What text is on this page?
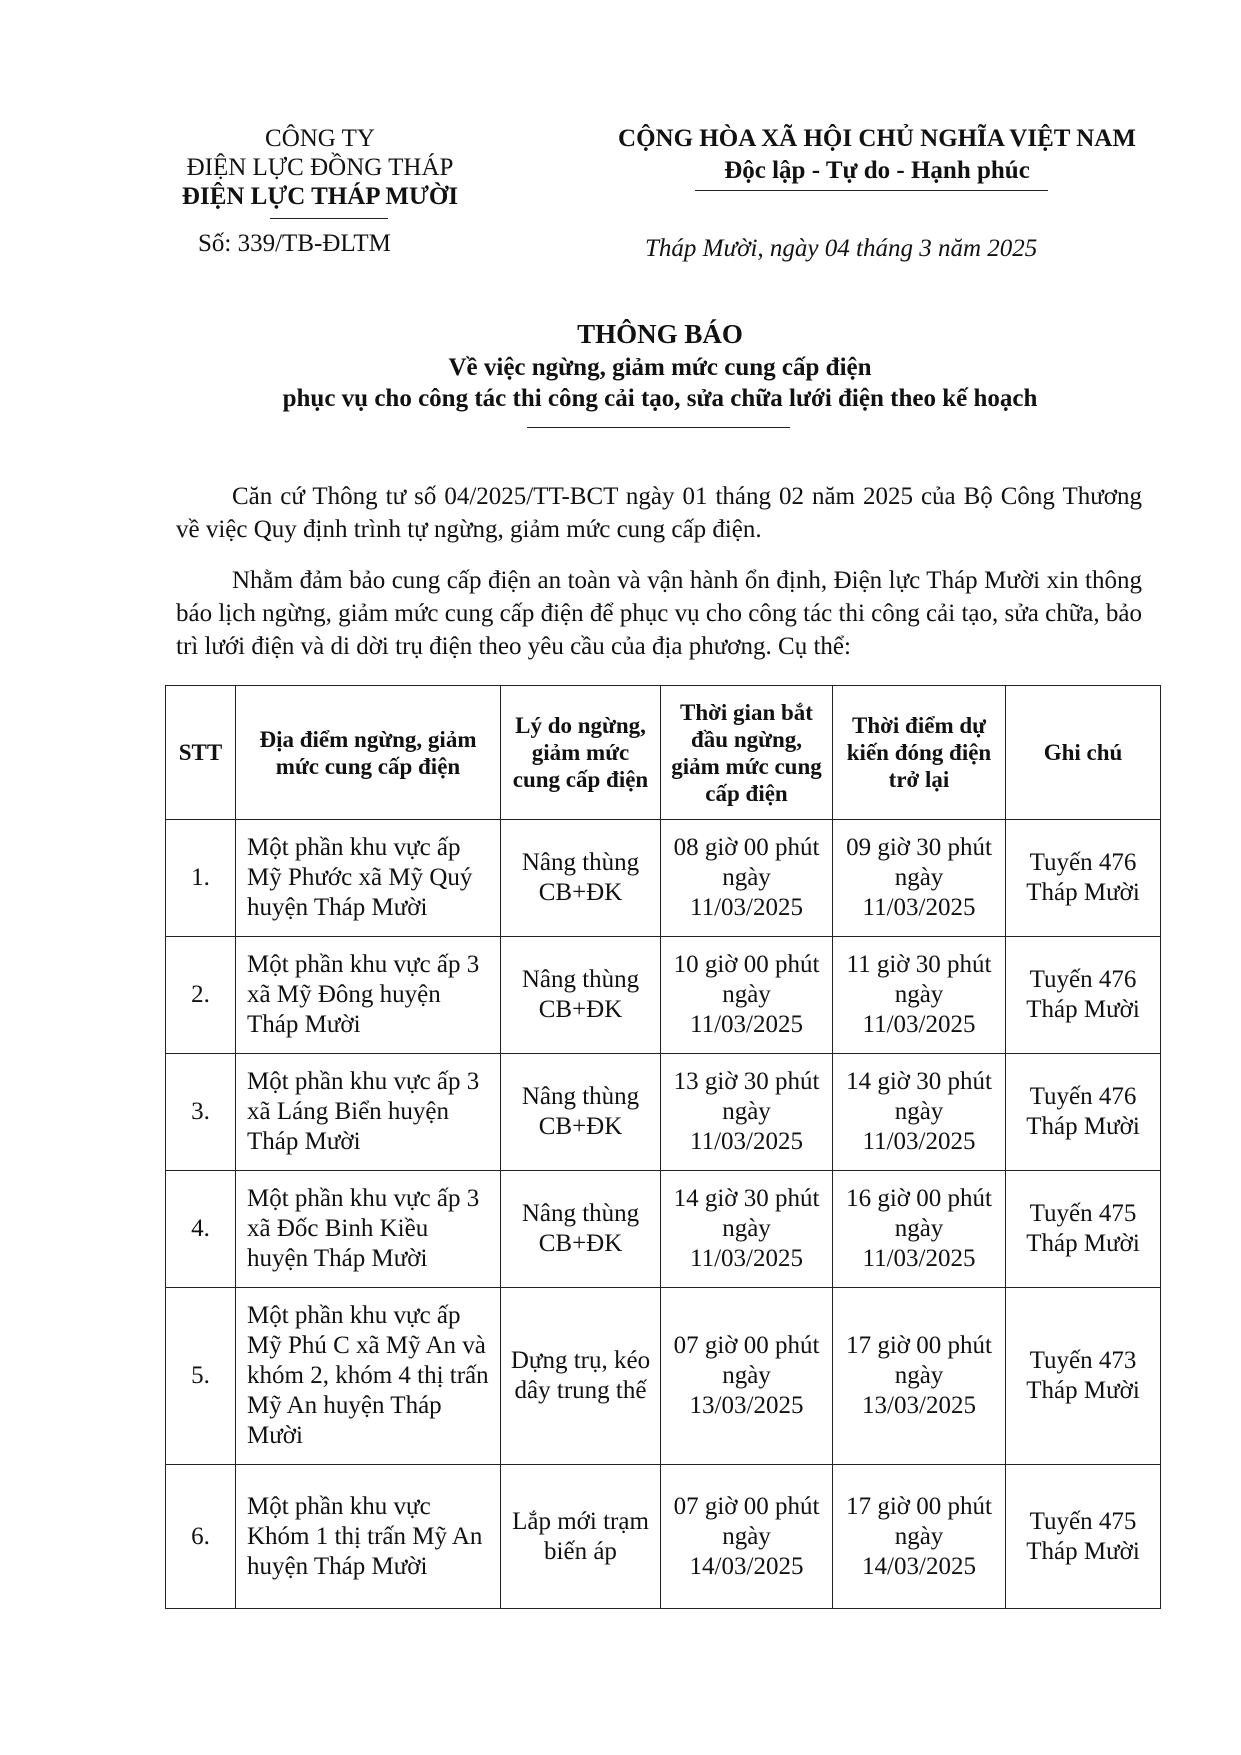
CÔNG TY
ĐIỆN LỰC ĐỒNG THÁP
ĐIỆN LỰC THÁP MƯỜI
Số: 339/TB-ĐLTM
CỘNG HÒA XÃ HỘI CHỦ NGHĨA VIỆT NAM
Độc lập - Tự do - Hạnh phúc
Tháp Mười, ngày 04 tháng 3 năm 2025
THÔNG BÁO
Về việc ngừng, giảm mức cung cấp điện
phục vụ cho công tác thi công cải tạo, sửa chữa lưới điện theo kế hoạch
Căn cứ Thông tư số 04/2025/TT-BCT ngày 01 tháng 02 năm 2025 của Bộ Công Thương về việc Quy định trình tự ngừng, giảm mức cung cấp điện.
Nhằm đảm bảo cung cấp điện an toàn và vận hành ổn định, Điện lực Tháp Mười xin thông báo lịch ngừng, giảm mức cung cấp điện để phục vụ cho công tác thi công cải tạo, sửa chữa, bảo trì lưới điện và di dời trụ điện theo yêu cầu của địa phương. Cụ thể:
STT	Địa điểm ngừng, giảm mức cung cấp điện	Lý do ngừng, giảm mức cung cấp điện	Thời gian bắt đầu ngừng, giảm mức cung cấp điện	Thời điểm dự kiến đóng điện trở lại	Ghi chú
1.	Một phần khu vực ấp Mỹ Phước xã Mỹ Quý huyện Tháp Mười	Nâng thùng CB+ĐK	08 giờ 00 phút ngày 11/03/2025	09 giờ 30 phút ngày 11/03/2025	Tuyến 476 Tháp Mười
2.	Một phần khu vực ấp 3 xã Mỹ Đông huyện Tháp Mười	Nâng thùng CB+ĐK	10 giờ 00 phút ngày 11/03/2025	11 giờ 30 phút ngày 11/03/2025	Tuyến 476 Tháp Mười
3.	Một phần khu vực ấp 3 xã Láng Biển huyện Tháp Mười	Nâng thùng CB+ĐK	13 giờ 30 phút ngày 11/03/2025	14 giờ 30 phút ngày 11/03/2025	Tuyến 476 Tháp Mười
4.	Một phần khu vực ấp 3 xã Đốc Binh Kiều huyện Tháp Mười	Nâng thùng CB+ĐK	14 giờ 30 phút ngày 11/03/2025	16 giờ 00 phút ngày 11/03/2025	Tuyến 475 Tháp Mười
5.	Một phần khu vực ấp Mỹ Phú C xã Mỹ An và khóm 2, khóm 4 thị trấn Mỹ An huyện Tháp Mười	Dựng trụ, kéo dây trung thế	07 giờ 00 phút ngày 13/03/2025	17 giờ 00 phút ngày 13/03/2025	Tuyến 473 Tháp Mười
6.	Một phần khu vực Khóm 1 thị trấn Mỹ An huyện Tháp Mười	Lắp mới trạm biến áp	07 giờ 00 phút ngày 14/03/2025	17 giờ 00 phút ngày 14/03/2025	Tuyến 475 Tháp Mười
